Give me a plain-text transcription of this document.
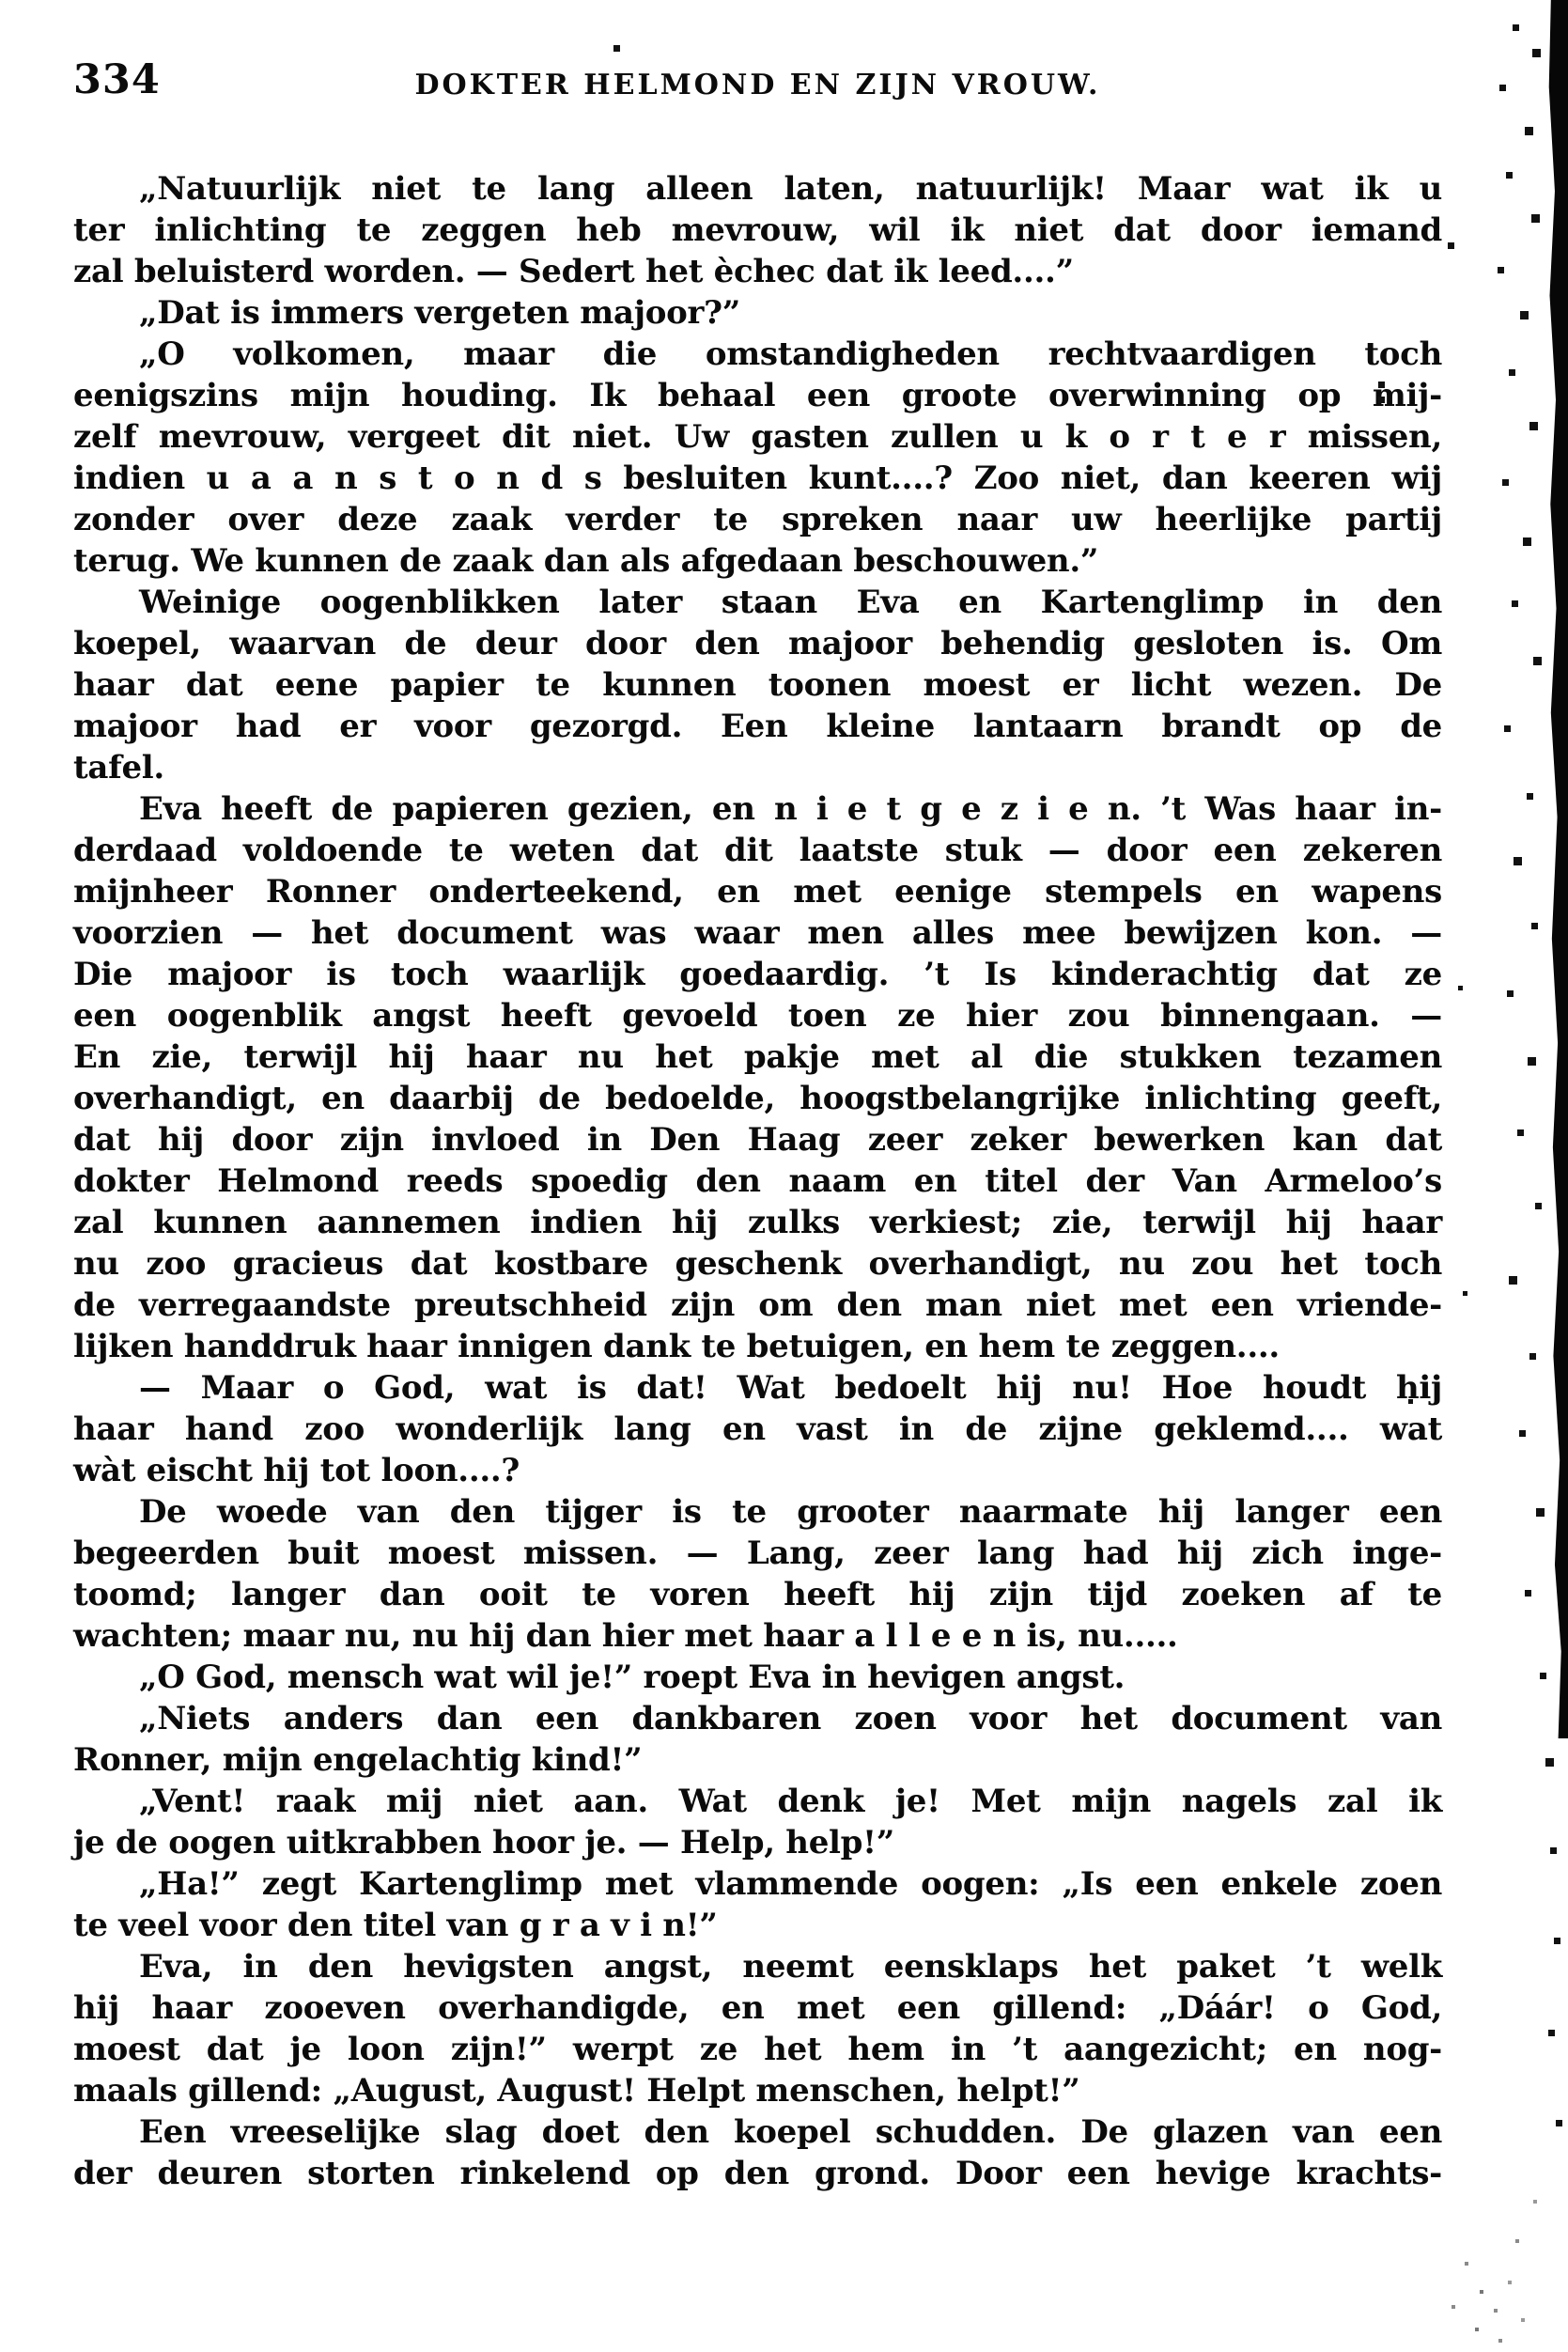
334	DOKTER HELMOND EN ZIJN VROUW.
„Natuurlijk niet te lang alleen laten, natuurlijk! Maar wat ik u
ter inlichting te zeggen heb mevrouw, wil ik niet dat door iemand
zal beluisterd worden. — Sedert het èchec dat ik leed....”
„Dat is immers vergeten majoor?”
„O volkomen, maar die omstandigheden rechtvaardigen toch
eenigszins mijn houding. Ik behaal een groote overwinning op mij-
zelf mevrouw, vergeet dit niet. Uw gasten zullen u k o r t e r missen,
indien u a a n s t o n d s besluiten kunt....? Zoo niet, dan keeren wij
zonder over deze zaak verder te spreken naar uw heerlijke partij
terug. We kunnen de zaak dan als afgedaan beschouwen.”
Weinige oogenblikken later staan Eva en Kartenglimp in den
koepel, waarvan de deur door den majoor behendig gesloten is. Om
haar dat eene papier te kunnen toonen moest er licht wezen. De
majoor had er voor gezorgd. Een kleine lantaarn brandt op de
tafel.
Eva heeft de papieren gezien, en n i e t g e z i e n. ’t Was haar in-
derdaad voldoende te weten dat dit laatste stuk — door een zekeren
mijnheer Ronner onderteekend, en met eenige stempels en wapens
voorzien — het document was waar men alles mee bewijzen kon. —
Die majoor is toch waarlijk goedaardig. ’t Is kinderachtig dat ze
een oogenblik angst heeft gevoeld toen ze hier zou binnengaan. —
En zie, terwijl hij haar nu het pakje met al die stukken tezamen
overhandigt, en daarbij de bedoelde, hoogstbelangrijke inlichting geeft,
dat hij door zijn invloed in Den Haag zeer zeker bewerken kan dat
dokter Helmond reeds spoedig den naam en titel der Van Armeloo’s
zal kunnen aannemen indien hij zulks verkiest; zie, terwijl hij haar
nu zoo gracieus dat kostbare geschenk overhandigt, nu zou het toch
de verregaandste preutschheid zijn om den man niet met een vriende-
lijken handdruk haar innigen dank te betuigen, en hem te zeggen....
— Maar o God, wat is dat! Wat bedoelt hij nu! Hoe houdt hij
haar hand zoo wonderlijk lang en vast in de zijne geklemd.... wat
wàt eischt hij tot loon....?
De woede van den tijger is te grooter naarmate hij langer een
begeerden buit moest missen. — Lang, zeer lang had hij zich inge-
toomd; langer dan ooit te voren heeft hij zijn tijd zoeken af te
wachten; maar nu, nu hij dan hier met haar a l l e e n is, nu.....
„O God, mensch wat wil je!” roept Eva in hevigen angst.
„Niets anders dan een dankbaren zoen voor het document van
Ronner, mijn engelachtig kind!”
„Vent! raak mij niet aan. Wat denk je! Met mijn nagels zal ik
je de oogen uitkrabben hoor je. — Help, help!”
„Ha!” zegt Kartenglimp met vlammende oogen: „Is een enkele zoen
te veel voor den titel van g r a v i n!”
Eva, in den hevigsten angst, neemt eensklaps het paket ’t welk
hij haar zooeven overhandigde, en met een gillend: „Dáár! o God,
moest dat je loon zijn!” werpt ze het hem in ’t aangezicht; en nog-
maals gillend: „August, August! Helpt menschen, helpt!”
Een vreeselijke slag doet den koepel schudden. De glazen van een
der deuren storten rinkelend op den grond. Door een hevige krachts-
